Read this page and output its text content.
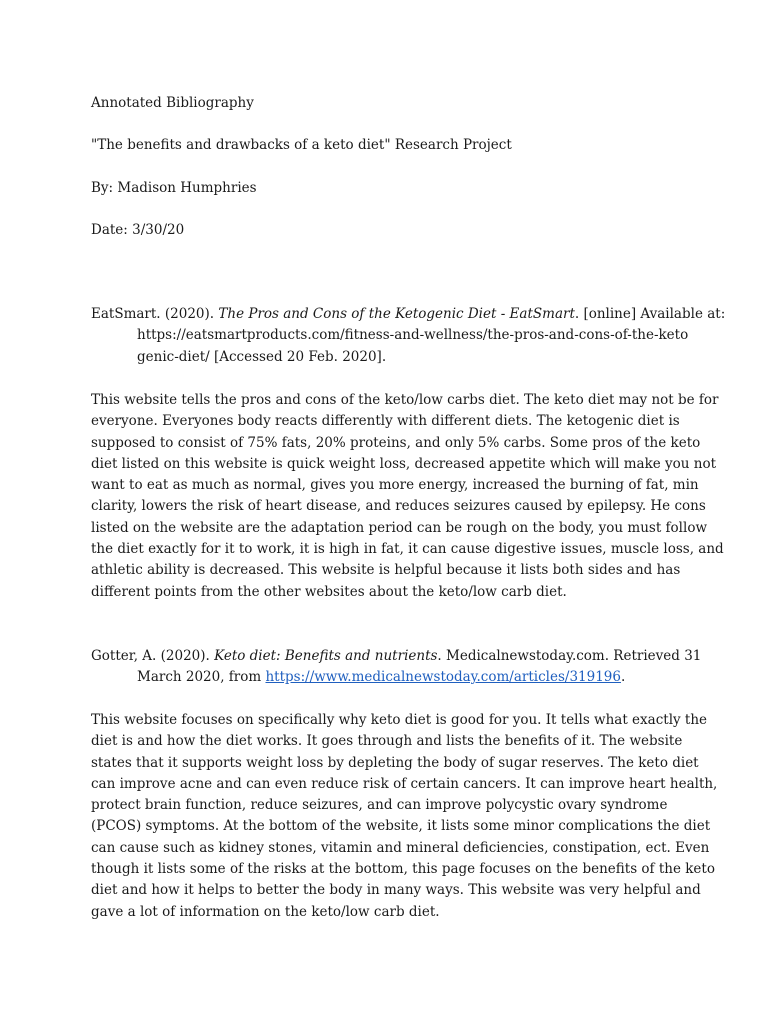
Annotated Bibliography
"The benefits and drawbacks of a keto diet" Research Project
By: Madison Humphries
Date: 3/30/20
EatSmart. (2020). The Pros and Cons of the Ketogenic Diet - EatSmart. [online] Available at:
https://eatsmartproducts.com/fitness-and-wellness/the-pros-and-cons-of-the-keto
genic-diet/ [Accessed 20 Feb. 2020].
This website tells the pros and cons of the keto/low carbs diet. The keto diet may not be for
everyone. Everyones body reacts differently with different diets. The ketogenic diet is
supposed to consist of 75% fats, 20% proteins, and only 5% carbs. Some pros of the keto
diet listed on this website is quick weight loss, decreased appetite which will make you not
want to eat as much as normal, gives you more energy, increased the burning of fat, min
clarity, lowers the risk of heart disease, and reduces seizures caused by epilepsy. He cons
listed on the website are the adaptation period can be rough on the body, you must follow
the diet exactly for it to work, it is high in fat, it can cause digestive issues, muscle loss, and
athletic ability is decreased. This website is helpful because it lists both sides and has
different points from the other websites about the keto/low carb diet.
Gotter, A. (2020). Keto diet: Benefits and nutrients. Medicalnewstoday.com. Retrieved 31
March 2020, from https://www.medicalnewstoday.com/articles/319196.
This website focuses on specifically why keto diet is good for you. It tells what exactly the
diet is and how the diet works. It goes through and lists the benefits of it. The website
states that it supports weight loss by depleting the body of sugar reserves. The keto diet
can improve acne and can even reduce risk of certain cancers. It can improve heart health,
protect brain function, reduce seizures, and can improve polycystic ovary syndrome
(PCOS) symptoms. At the bottom of the website, it lists some minor complications the diet
can cause such as kidney stones, vitamin and mineral deficiencies, constipation, ect. Even
though it lists some of the risks at the bottom, this page focuses on the benefits of the keto
diet and how it helps to better the body in many ways. This website was very helpful and
gave a lot of information on the keto/low carb diet.
